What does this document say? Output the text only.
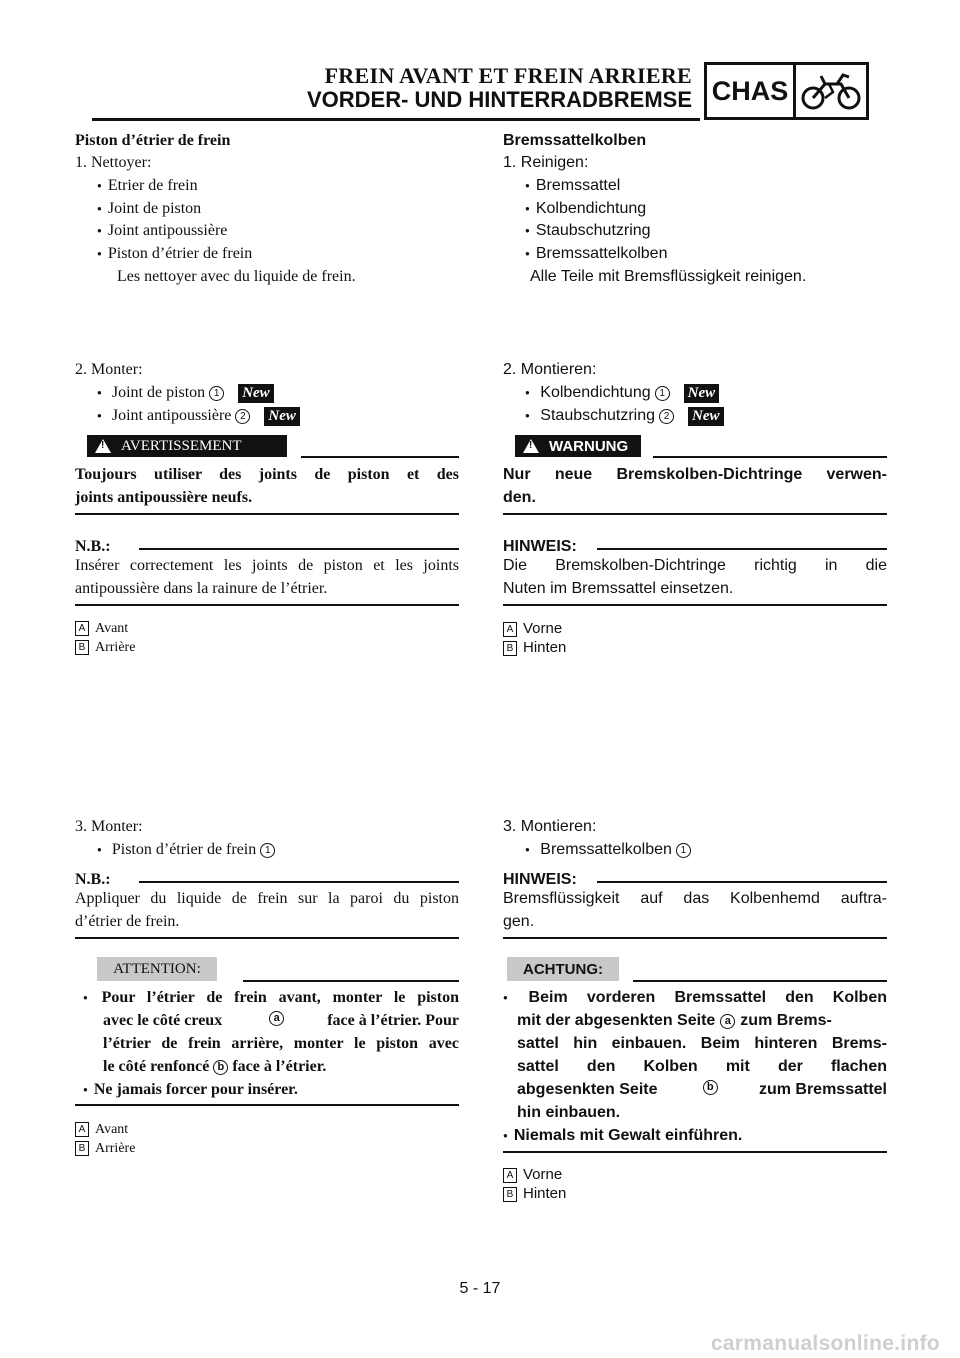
FREIN AVANT ET FREIN ARRIERE
VORDER- UND HINTERRADBREMSE CHAS
Piston d’étrier de frein
1. Nettoyer:
● Etrier de frein
● Joint de piston
● Joint antipoussière
● Piston d’étrier de frein
Les nettoyer avec du liquide de frein.
2. Monter:
● Joint de piston 1 New
● Joint antipoussière 2 New
!
AVERTISSEMENT
Toujours utiliser des joints de piston et des
joints antipoussière neufs.
N.B.:
Insérer correctement les joints de piston et les joints
antipoussière dans la rainure de l’étrier.
A Avant
B Arrière
3. Monter:
● Piston d’étrier de frein 1
N.B.:
Appliquer du liquide de frein sur la paroi du piston
d’étrier de frein.
ATTENTION:
● Pour l’étrier de frein avant, monter le piston
avec le côté creux	a	face à l’étrier. Pour
l’étrier de frein arrière, monter le piston avec
le côté renfoncé b face à l’étrier.
● Ne jamais forcer pour insérer.
A Avant
B Arrière
Bremssattelkolben
1. Reinigen:
● Bremssattel
● Kolbendichtung
● Staubschutzring
● Bremssattelkolben
Alle Teile mit Bremsflüssigkeit reinigen.
2. Montieren:
● Kolbendichtung 1 New
● Staubschutzring 2 New
!
WARNUNG
Nur neue Bremskolben-Dichtringe verwen-
den.
HINWEIS:
Die Bremskolben-Dichtringe richtig in die
Nuten im Bremssattel einsetzen.
A Vorne
B Hinten
3. Montieren:
● Bremssattelkolben 1
HINWEIS:
Bremsflüssigkeit auf das Kolbenhemd auftra-
gen.
ACHTUNG:
● Beim vorderen Bremssattel den Kolben
mit der abgesenkten Seite a zum Brems-
sattel hin einbauen. Beim hinteren Brems-
sattel den Kolben mit der flachen
abgesenkten Seite	b	zum Bremssattel
hin einbauen.
● Niemals mit Gewalt einführen.
A Vorne
B Hinten
5 - 17
carmanualsonline.info
